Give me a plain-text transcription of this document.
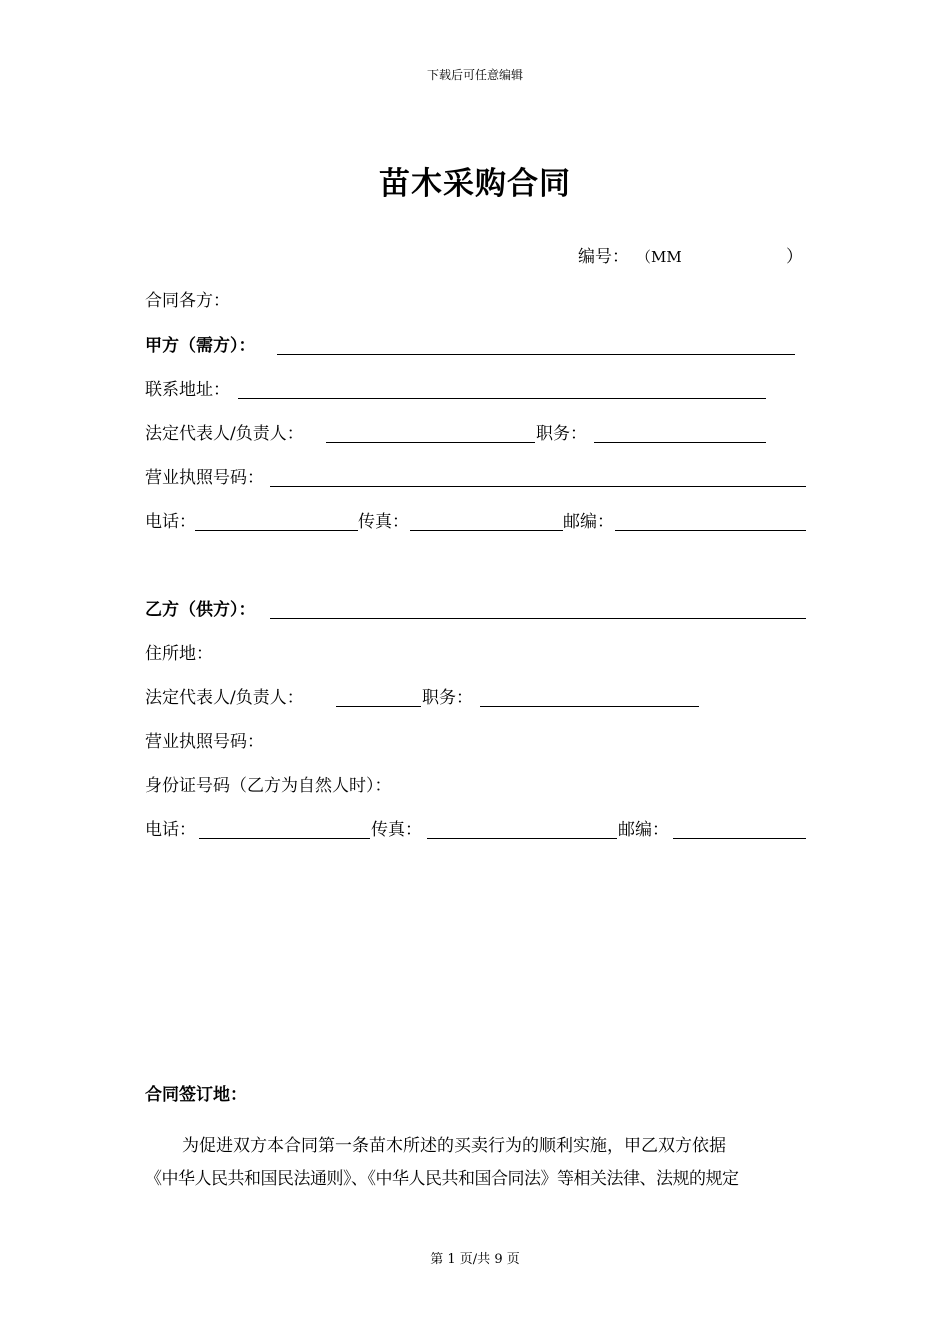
下载后可任意编辑
苗木采购合同
编号： （MM	）
合同各方：
甲方（需方）：
联系地址：
法定代表人/负责人：	职务：
营业执照号码：
电话：	传真：	邮编：
乙方（供方）：
住所地：
法定代表人/负责人：	职务：
营业执照号码：
身份证号码（乙方为自然人时）：
电话：	传真：	邮编：
合同签订地：
为促进双方本合同第一条苗木所述的买卖行为的顺利实施，甲乙双方依据
《中华人民共和国民法通则》、《中华人民共和国合同法》等相关法律、法规的规定
第 1 页/共 9 页
